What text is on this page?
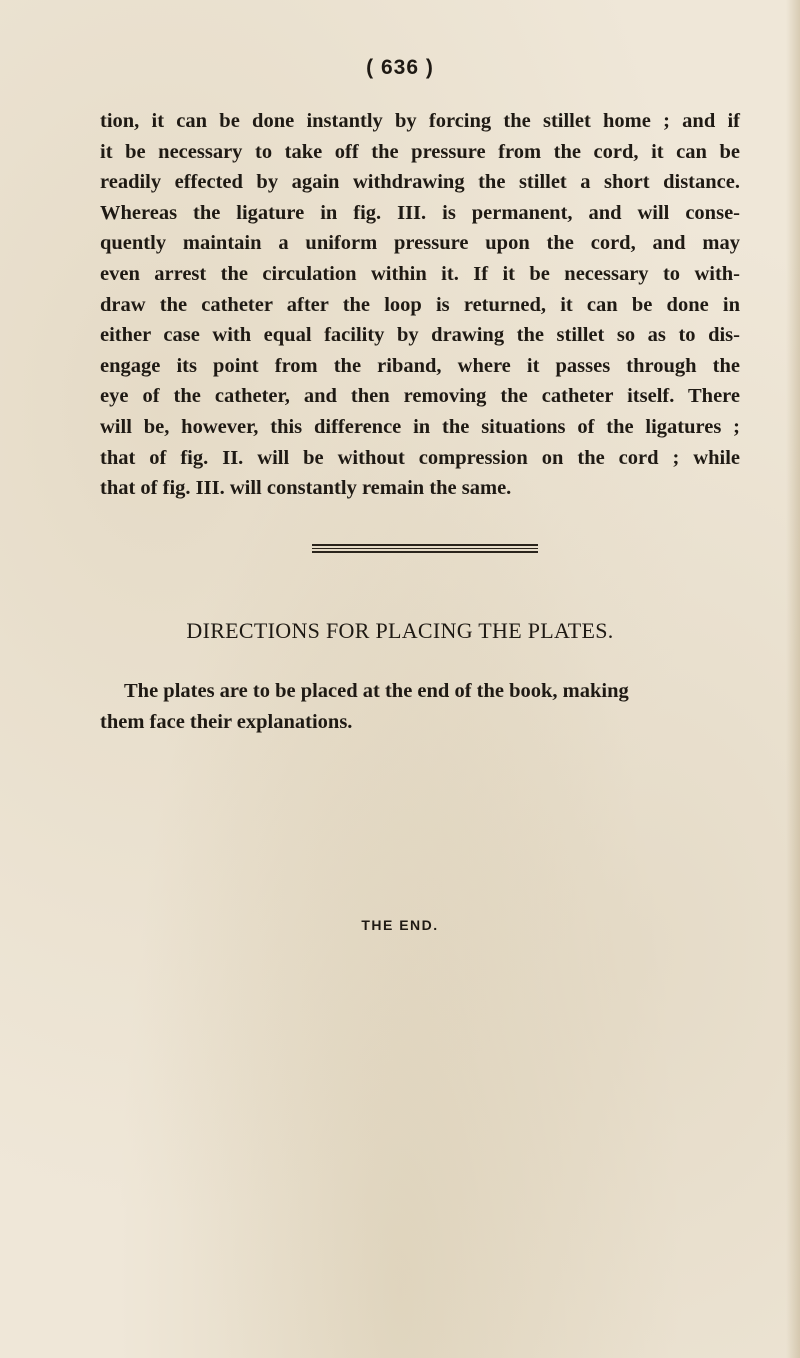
( 636 )
tion, it can be done instantly by forcing the stillet home ; and if
it be necessary to take off the pressure from the cord, it can be
readily effected by again withdrawing the stillet a short distance.
Whereas the ligature in fig. III. is permanent, and will conse-
quently maintain a uniform pressure upon the cord, and may
even arrest the circulation within it. If it be necessary to with-
draw the catheter after the loop is returned, it can be done in
either case with equal facility by drawing the stillet so as to dis-
engage its point from the riband, where it passes through the
eye of the catheter, and then removing the catheter itself. There
will be, however, this difference in the situations of the ligatures ;
that of fig. II. will be without compression on the cord ; while
that of fig. III. will constantly remain the same.
DIRECTIONS FOR PLACING THE PLATES.
The plates are to be placed at the end of the book, making
them face their explanations.
THE END.
